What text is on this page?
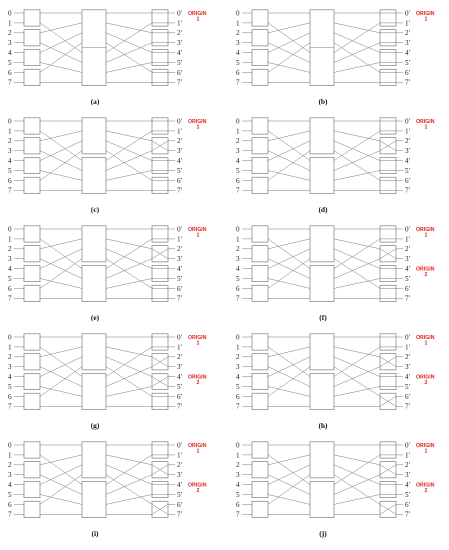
0
1
2
3
4
5
6
7
0'
1'
2'
3'
4'
5'
6'
7'
ORIGIN
1
(a)
0
1
2
3
4
5
6
7
0'
1'
2'
3'
4'
5'
6'
7'
ORIGIN
1
(b)
0
1
2
3
4
5
6
7
0'
1'
2'
3'
4'
5'
6'
7'
ORIGIN
1
(c)
0
1
2
3
4
5
6
7
0'
1'
2'
3'
4'
5'
6'
7'
ORIGIN
1
(d)
0
1
2
3
4
5
6
7
0'
1'
2'
3'
4'
5'
6'
7'
ORIGIN
1
(e)
0
1
2
3
4
5
6
7
0'
1'
2'
3'
4'
5'
6'
7'
ORIGIN
1
ORIGIN
2
(f)
0
1
2
3
4
5
6
7
0'
1'
2'
3'
4'
5'
6'
7'
ORIGIN
1
ORIGIN
2
(g)
0
1
2
3
4
5
6
7
0'
1'
2'
3'
4'
5'
6'
7'
ORIGIN
1
ORIGIN
2
(h)
0
1
2
3
4
5
6
7
0'
1'
2'
3'
4'
5'
6'
7'
ORIGIN
1
ORIGIN
2
(i)
0
1
2
3
4
5
6
7
0'
1'
2'
3'
4'
5'
6'
7'
ORIGIN
1
ORIGIN
2
(j)
